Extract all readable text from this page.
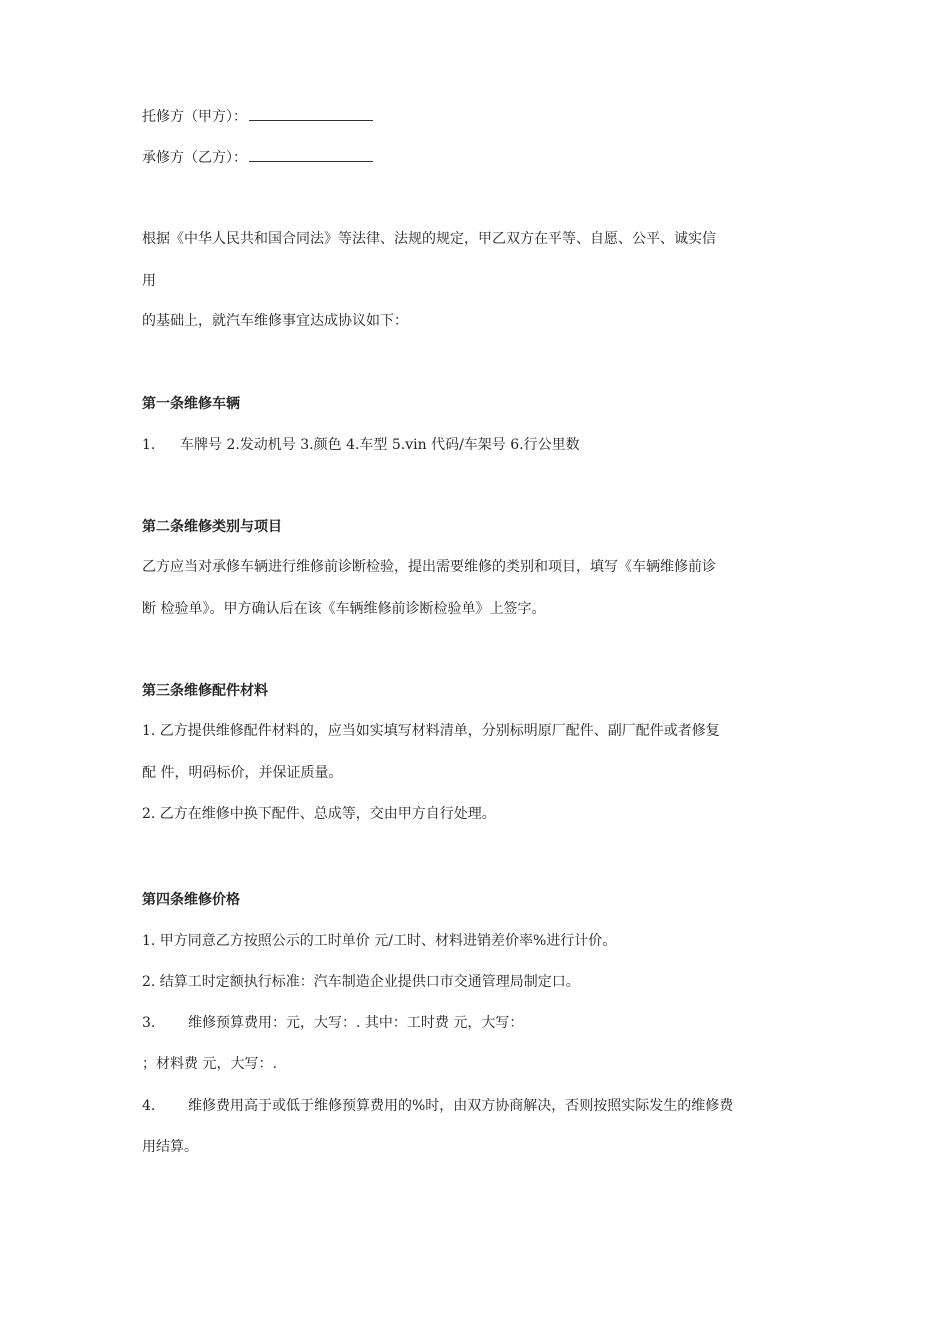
托修方（甲方）：
承修方（乙方）：
根据《中华人民共和国合同法》等法律、法规的规定，甲乙双方在平等、自愿、公平、诚实信
用
的基础上，就汽车维修事宜达成协议如下：
第一条维修车辆
1. 车牌号 2.发动机号 3.颜色 4.车型 5.vin 代码/车架号 6.行公里数
第二条维修类别与项目
乙方应当对承修车辆进行维修前诊断检验，提出需要维修的类别和项目，填写《车辆维修前诊
断 检验单》。甲方确认后在该《车辆维修前诊断检验单》上签字。
第三条维修配件材料
1. 乙方提供维修配件材料的，应当如实填写材料清单，分别标明原厂配件、副厂配件或者修复
配 件，明码标价，并保证质量。
2. 乙方在维修中换下配件、总成等，交由甲方自行处理。
第四条维修价格
1. 甲方同意乙方按照公示的工时单价 元/工时、材料进销差价率%进行计价。
2. 结算工时定额执行标准：汽车制造企业提供口市交通管理局制定口。
3. 维修预算费用：元，大写：. 其中：工时费 元，大写：
；材料费 元，大写：.
4. 维修费用高于或低于维修预算费用的%时，由双方协商解决，否则按照实际发生的维修费
用结算。
